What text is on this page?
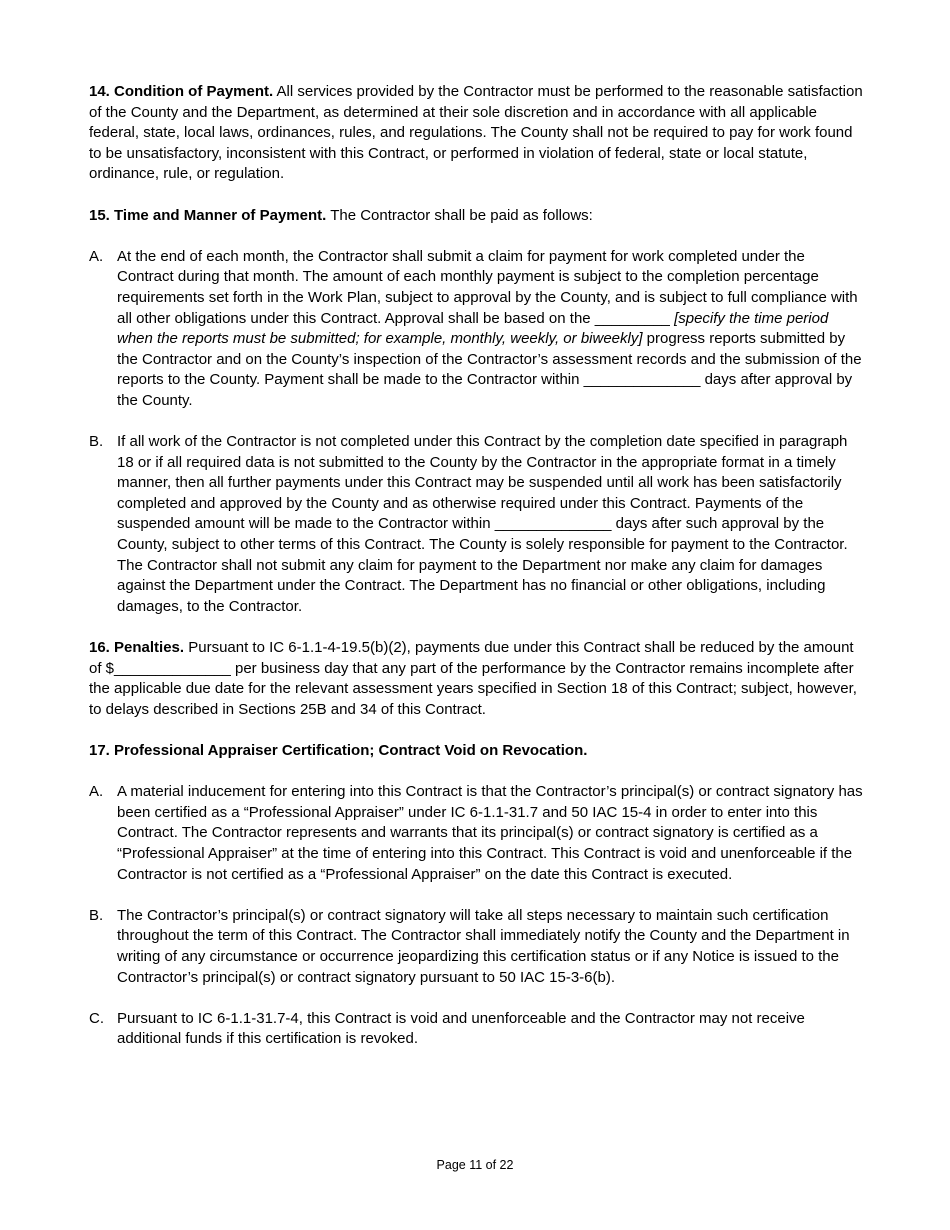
14. Condition of Payment. All services provided by the Contractor must be performed to the reasonable satisfaction of the County and the Department, as determined at their sole discretion and in accordance with all applicable federal, state, local laws, ordinances, rules, and regulations. The County shall not be required to pay for work found to be unsatisfactory, inconsistent with this Contract, or performed in violation of federal, state or local statute, ordinance, rule, or regulation.

15. Time and Manner of Payment. The Contractor shall be paid as follows:

A. At the end of each month, the Contractor shall submit a claim for payment for work completed under the Contract during that month. The amount of each monthly payment is subject to the completion percentage requirements set forth in the Work Plan, subject to approval by the County, and is subject to full compliance with all other obligations under this Contract. Approval shall be based on the _________ [specify the time period when the reports must be submitted; for example, monthly, weekly, or biweekly] progress reports submitted by the Contractor and on the County’s inspection of the Contractor’s assessment records and the submission of the reports to the County. Payment shall be made to the Contractor within ______________ days after approval by the County.
B. If all work of the Contractor is not completed under this Contract by the completion date specified in paragraph 18 or if all required data is not submitted to the County by the Contractor in the appropriate format in a timely manner, then all further payments under this Contract may be suspended until all work has been satisfactorily completed and approved by the County and as otherwise required under this Contract. Payments of the suspended amount will be made to the Contractor within ______________ days after such approval by the County, subject to other terms of this Contract. The County is solely responsible for payment to the Contractor. The Contractor shall not submit any claim for payment to the Department nor make any claim for damages against the Department under the Contract. The Department has no financial or other obligations, including damages, to the Contractor.

16. Penalties. Pursuant to IC 6-1.1-4-19.5(b)(2), payments due under this Contract shall be reduced by the amount of $______________ per business day that any part of the performance by the Contractor remains incomplete after the applicable due date for the relevant assessment years specified in Section 18 of this Contract; subject, however, to delays described in Sections 25B and 34 of this Contract.

17. Professional Appraiser Certification; Contract Void on Revocation.

A. A material inducement for entering into this Contract is that the Contractor’s principal(s) or contract signatory has been certified as a “Professional Appraiser” under IC 6-1.1-31.7 and 50 IAC 15-4 in order to enter into this Contract. The Contractor represents and warrants that its principal(s) or contract signatory is certified as a “Professional Appraiser” at the time of entering into this Contract. This Contract is void and unenforceable if the Contractor is not certified as a “Professional Appraiser” on the date this Contract is executed.
B. The Contractor’s principal(s) or contract signatory will take all steps necessary to maintain such certification throughout the term of this Contract. The Contractor shall immediately notify the County and the Department in writing of any circumstance or occurrence jeopardizing this certification status or if any Notice is issued to the Contractor’s principal(s) or contract signatory pursuant to 50 IAC 15-3-6(b).
C. Pursuant to IC 6-1.1-31.7-4, this Contract is void and unenforceable and the Contractor may not receive additional funds if this certification is revoked.
Page 11 of 22
